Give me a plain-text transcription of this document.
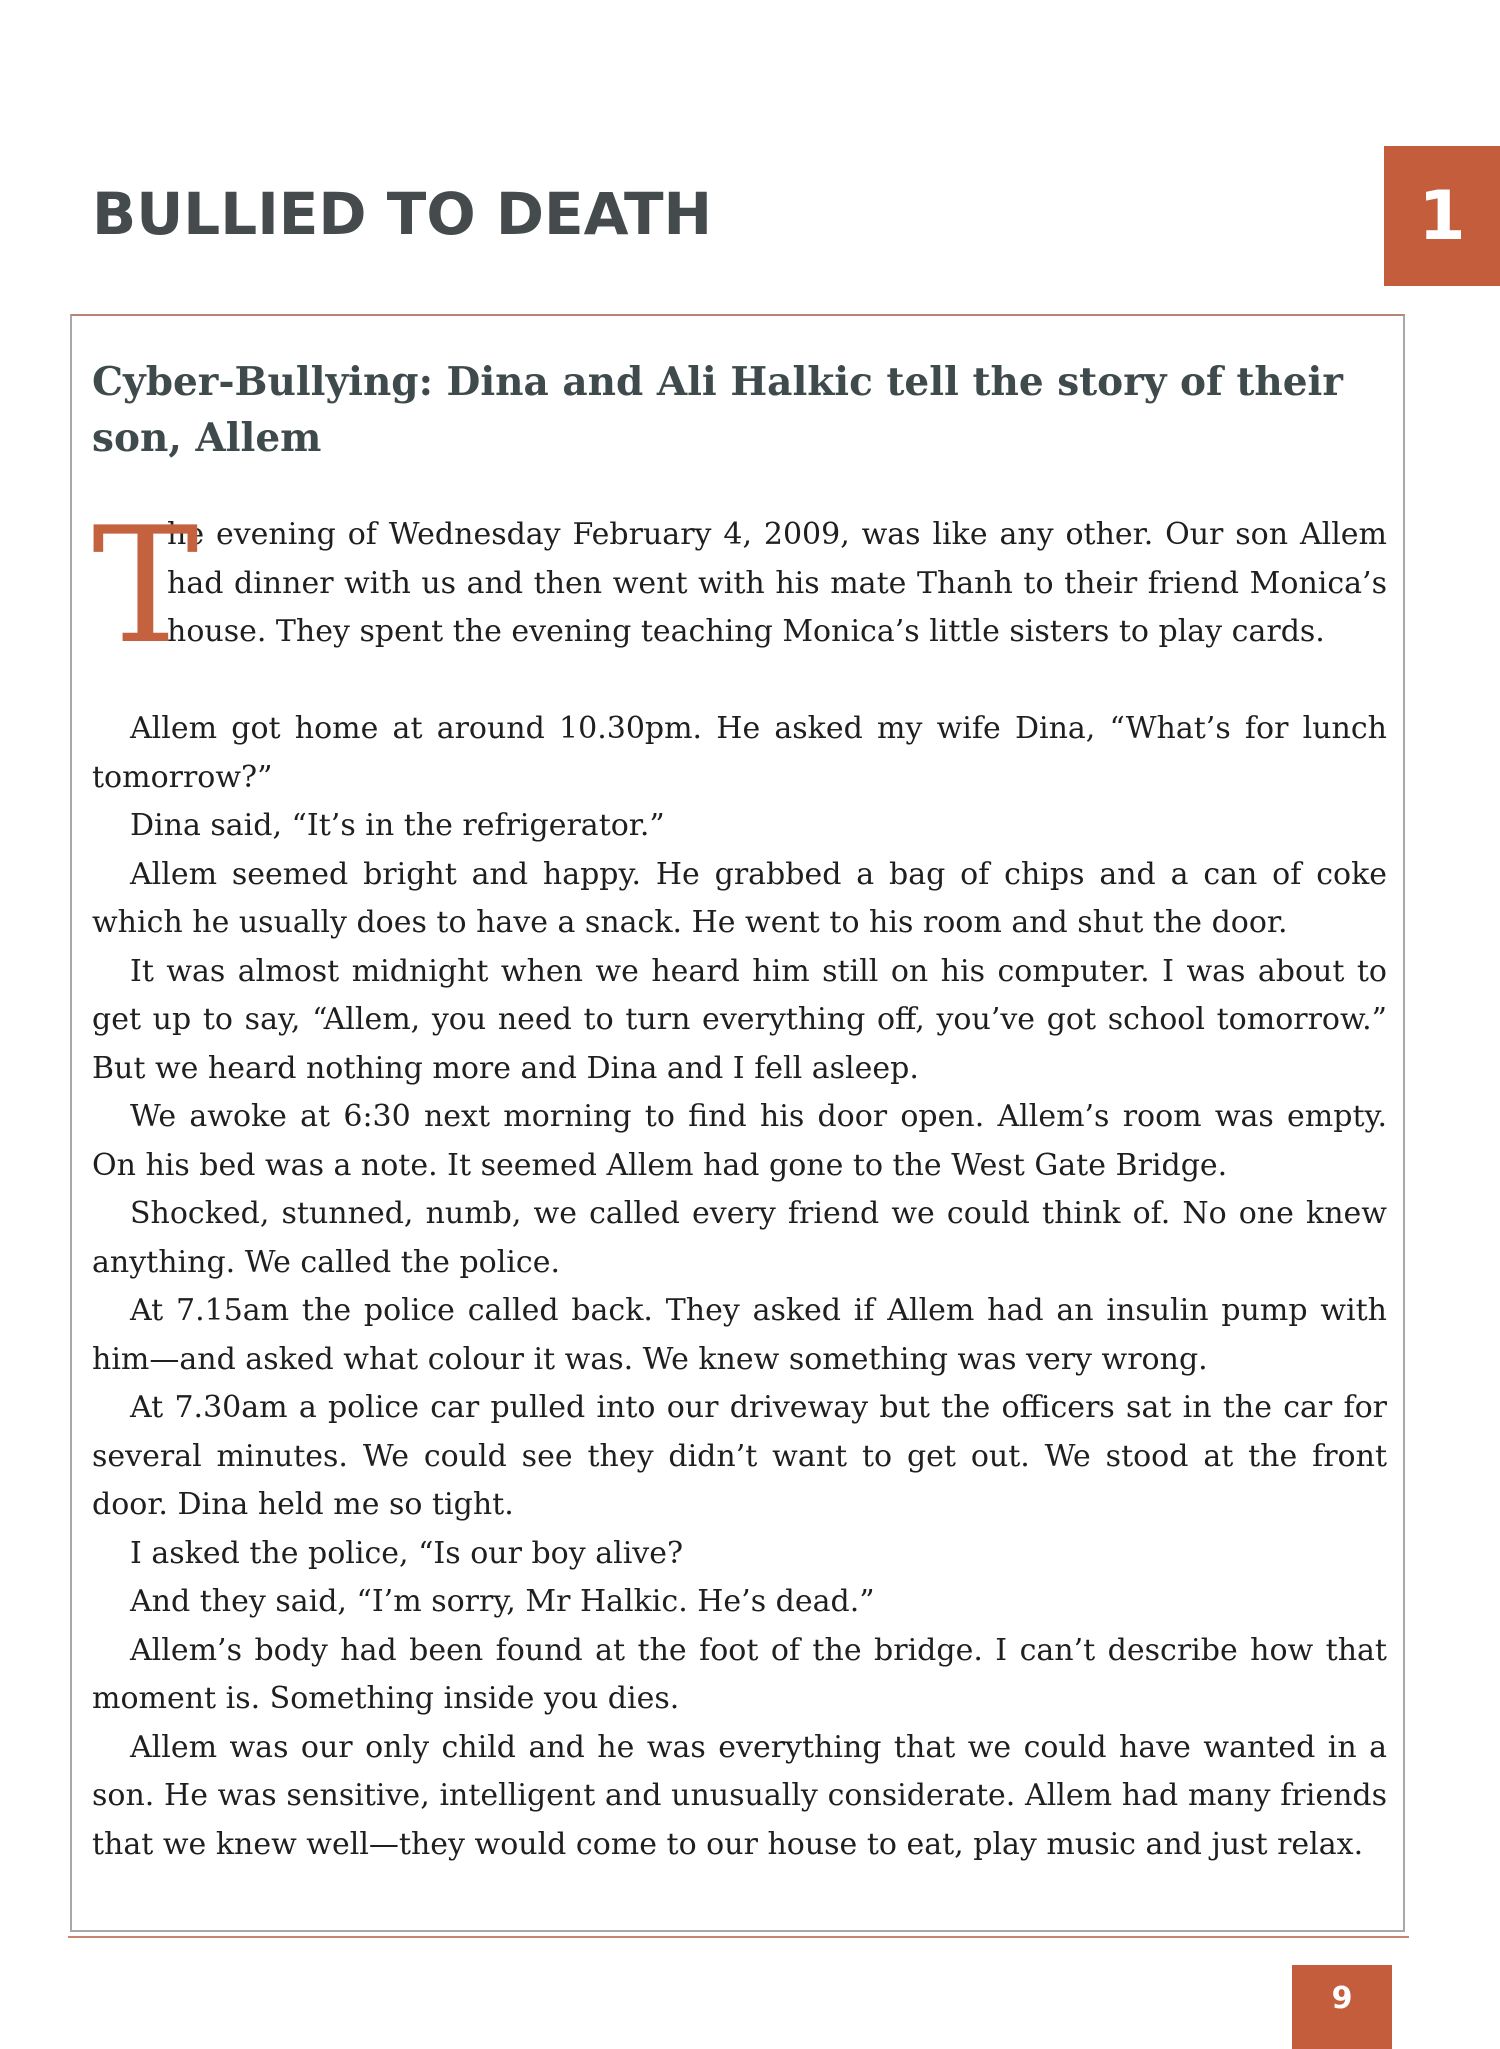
BULLIED TO DEATH	1
Cyber-Bullying: Dina and Ali Halkic tell the story of their son, Allem

T
he evening of Wednesday February 4, 2009, was like any other. Our son Allem had dinner with us and then went with his mate Thanh to their friend Monica’s house. They spent the evening teaching Monica’s little sisters to play cards.

Allem got home at around 10.30pm. He asked my wife Dina, “What’s for lunch tomorrow?”

Dina said, “It’s in the refrigerator.”

Allem seemed bright and happy. He grabbed a bag of chips and a can of coke which he usually does to have a snack. He went to his room and shut the door.

It was almost midnight when we heard him still on his computer. I was about to get up to say, “Allem, you need to turn everything off, you’ve got school tomorrow.” But we heard nothing more and Dina and I fell asleep.

We awoke at 6:30 next morning to find his door open. Allem’s room was empty. On his bed was a note. It seemed Allem had gone to the West Gate Bridge.

Shocked, stunned, numb, we called every friend we could think of. No one knew anything. We called the police.

At 7.15am the police called back. They asked if Allem had an insulin pump with him—and asked what colour it was. We knew something was very wrong.

At 7.30am a police car pulled into our driveway but the officers sat in the car for several minutes. We could see they didn’t want to get out. We stood at the front door. Dina held me so tight.

I asked the police, “Is our boy alive?

And they said, “I’m sorry, Mr Halkic. He’s dead.”

Allem’s body had been found at the foot of the bridge. I can’t describe how that moment is. Something inside you dies.

Allem was our only child and he was everything that we could have wanted in a son. He was sensitive, intelligent and unusually considerate. Allem had many friends that we knew well—they would come to our house to eat, play music and just relax.

9
